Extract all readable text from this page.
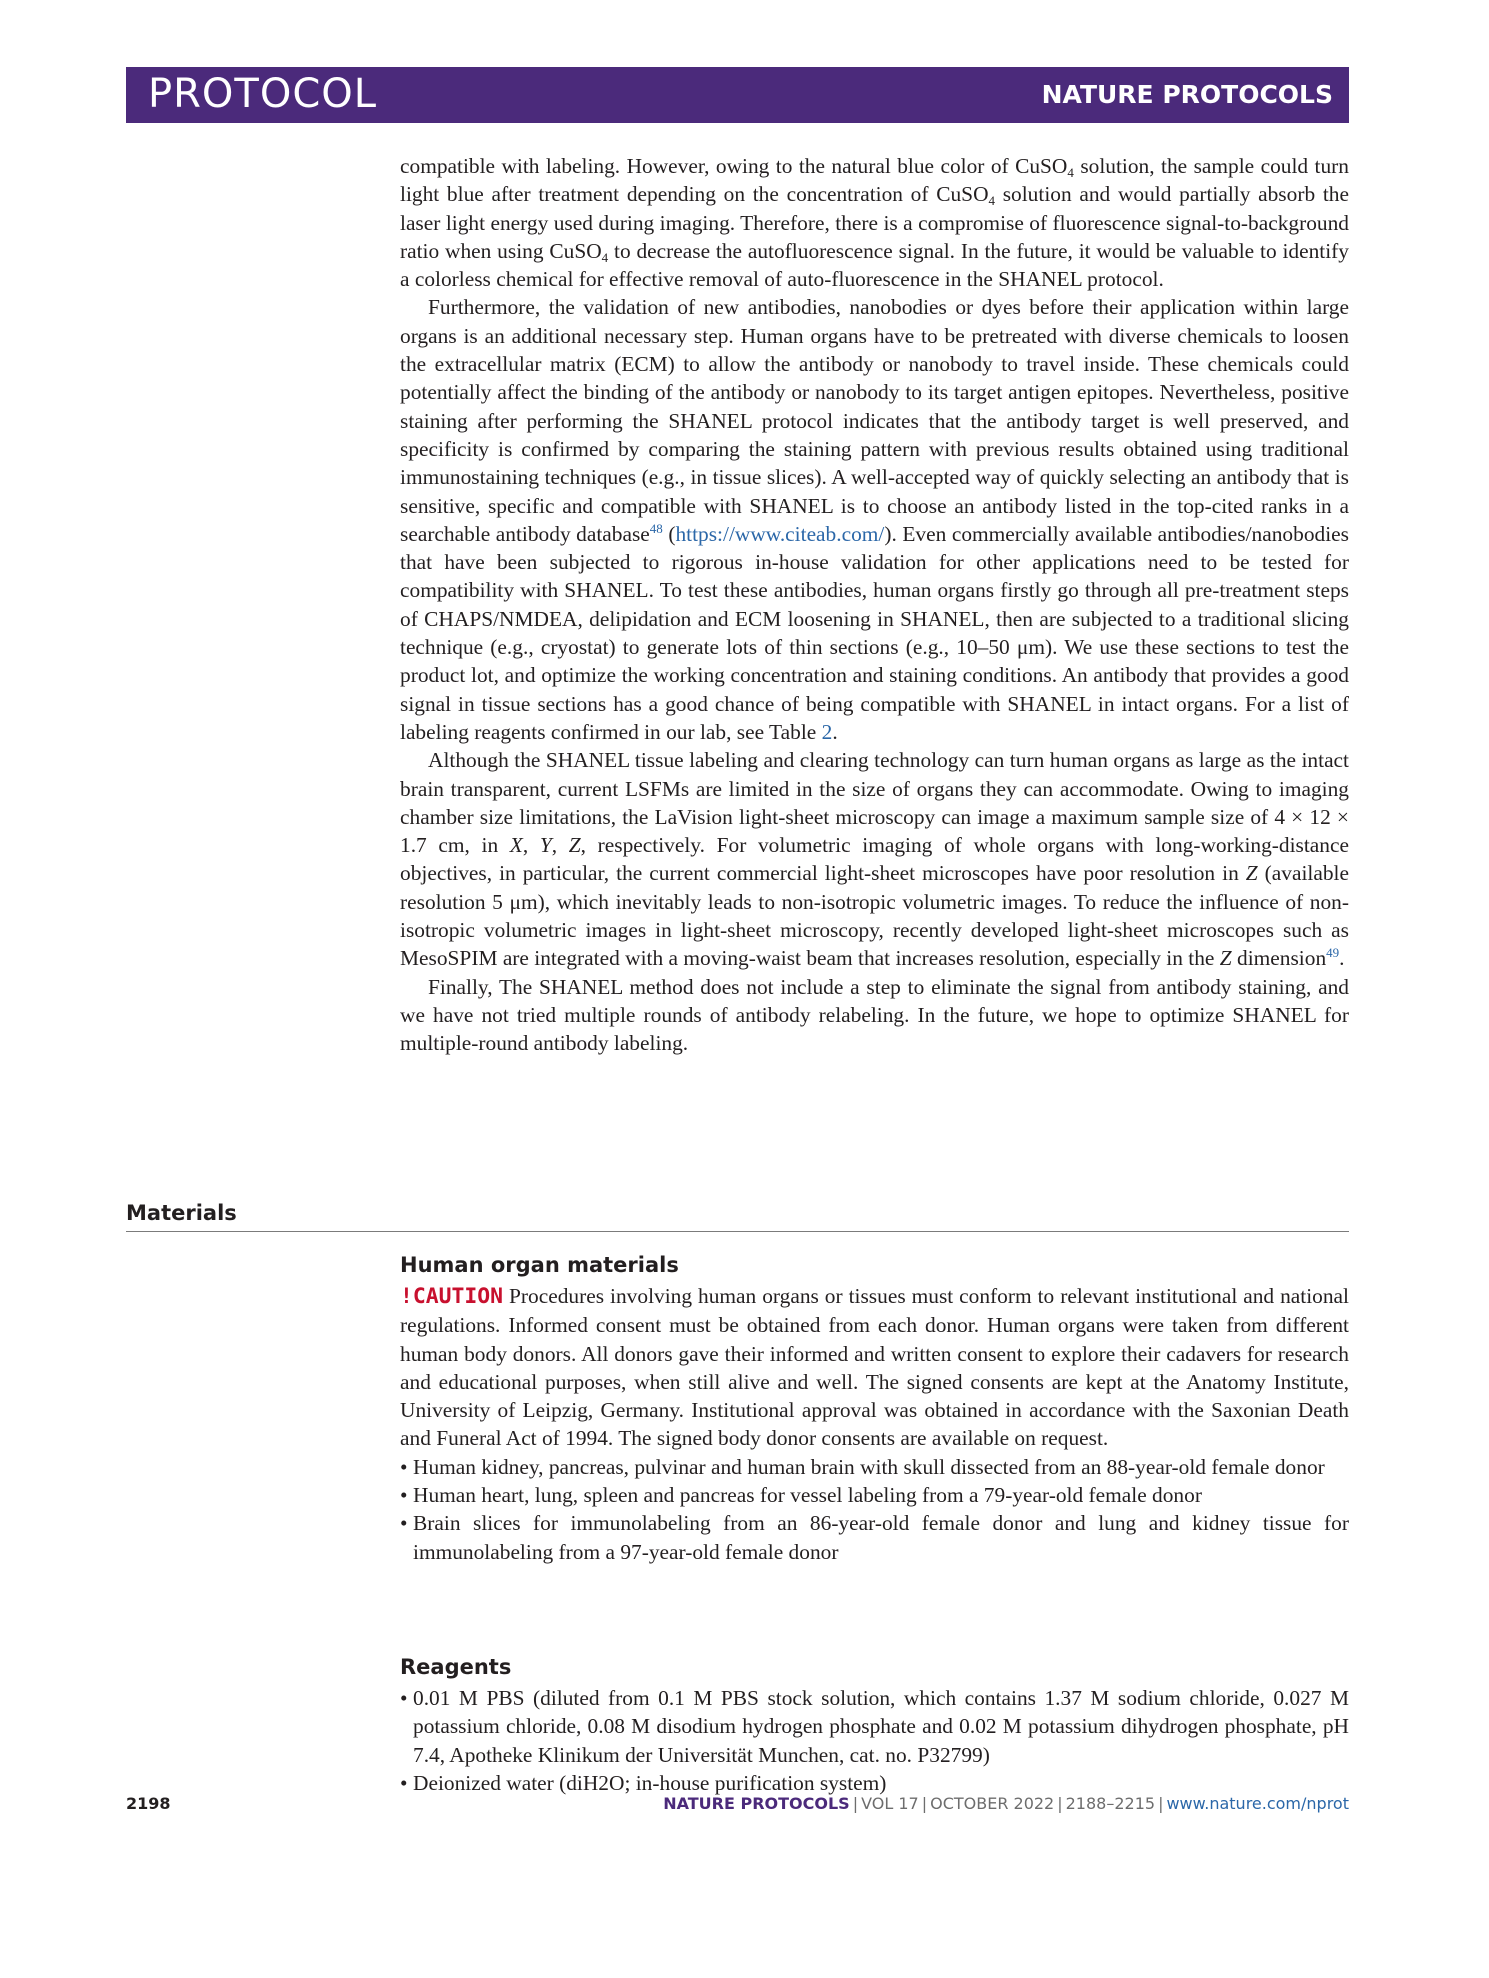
PROTOCOL	NATURE PROTOCOLS

compatible with labeling. However, owing to the natural blue color of CuSO$_4$ solution, the sample could turn light blue after treatment depending on the concentration of CuSO$_4$ solution and would partially absorb the laser light energy used during imaging. Therefore, there is a compromise of fluorescence signal-to-background ratio when using CuSO$_4$ to decrease the autofluorescence signal. In the future, it would be valuable to identify a colorless chemical for effective removal of auto-fluorescence in the SHANEL protocol.

Furthermore, the validation of new antibodies, nanobodies or dyes before their application within large organs is an additional necessary step. Human organs have to be pretreated with diverse chemicals to loosen the extracellular matrix (ECM) to allow the antibody or nanobody to travel inside. These chemicals could potentially affect the binding of the antibody or nanobody to its target antigen epitopes. Nevertheless, positive staining after performing the SHANEL protocol indicates that the antibody target is well preserved, and specificity is confirmed by comparing the staining pattern with previous results obtained using traditional immunostaining techniques (e.g., in tissue slices). A well-accepted way of quickly selecting an antibody that is sensitive, specific and compatible with SHANEL is to choose an antibody listed in the top-cited ranks in a searchable antibody database$^{48}$ (https://www.citeab.com/). Even commercially available antibodies/nanobodies that have been subjected to rigorous in-house validation for other applications need to be tested for compatibility with SHANEL. To test these antibodies, human organs firstly go through all pre-treatment steps of CHAPS/NMDEA, delipidation and ECM loosening in SHANEL, then are subjected to a traditional slicing technique (e.g., cryostat) to generate lots of thin sections (e.g., 10–50 μm). We use these sections to test the product lot, and optimize the working concentration and staining conditions. An antibody that provides a good signal in tissue sections has a good chance of being compatible with SHANEL in intact organs. For a list of labeling reagents confirmed in our lab, see Table 2.

Although the SHANEL tissue labeling and clearing technology can turn human organs as large as the intact brain transparent, current LSFMs are limited in the size of organs they can accommodate. Owing to imaging chamber size limitations, the LaVision light-sheet microscopy can image a maximum sample size of 4 × 12 × 1.7 cm, in X, Y, Z, respectively. For volumetric imaging of whole organs with long-working-distance objectives, in particular, the current commercial light-sheet microscopes have poor resolution in Z (available resolution 5 μm), which inevitably leads to non-isotropic volumetric images. To reduce the influence of non-isotropic volumetric images in light-sheet microscopy, recently developed light-sheet microscopes such as MesoSPIM are integrated with a moving-waist beam that increases resolution, especially in the Z dimension$^{49}$.

Finally, The SHANEL method does not include a step to eliminate the signal from antibody staining, and we have not tried multiple rounds of antibody relabeling. In the future, we hope to optimize SHANEL for multiple-round antibody labeling.

Materials
Human organ materials

!CAUTION Procedures involving human organs or tissues must conform to relevant institutional and national regulations. Informed consent must be obtained from each donor. Human organs were taken from different human body donors. All donors gave their informed and written consent to explore their cadavers for research and educational purposes, when still alive and well. The signed consents are kept at the Anatomy Institute, University of Leipzig, Germany. Institutional approval was obtained in accordance with the Saxonian Death and Funeral Act of 1994. The signed body donor consents are available on request.

• Human kidney, pancreas, pulvinar and human brain with skull dissected from an 88-year-old female donor
• Human heart, lung, spleen and pancreas for vessel labeling from a 79-year-old female donor
• Brain slices for immunolabeling from an 86-year-old female donor and lung and kidney tissue for immunolabeling from a 97-year-old female donor
Reagents
• 0.01 M PBS (diluted from 0.1 M PBS stock solution, which contains 1.37 M sodium chloride, 0.027 M potassium chloride, 0.08 M disodium hydrogen phosphate and 0.02 M potassium dihydrogen phosphate, pH 7.4, Apotheke Klinikum der Universität Munchen, cat. no. P32799)
• Deionized water (diH2O; in-house purification system)
2198	NATURE PROTOCOLS | VOL 17 | OCTOBER 2022 | 2188–2215 | www.nature.com/nprot
